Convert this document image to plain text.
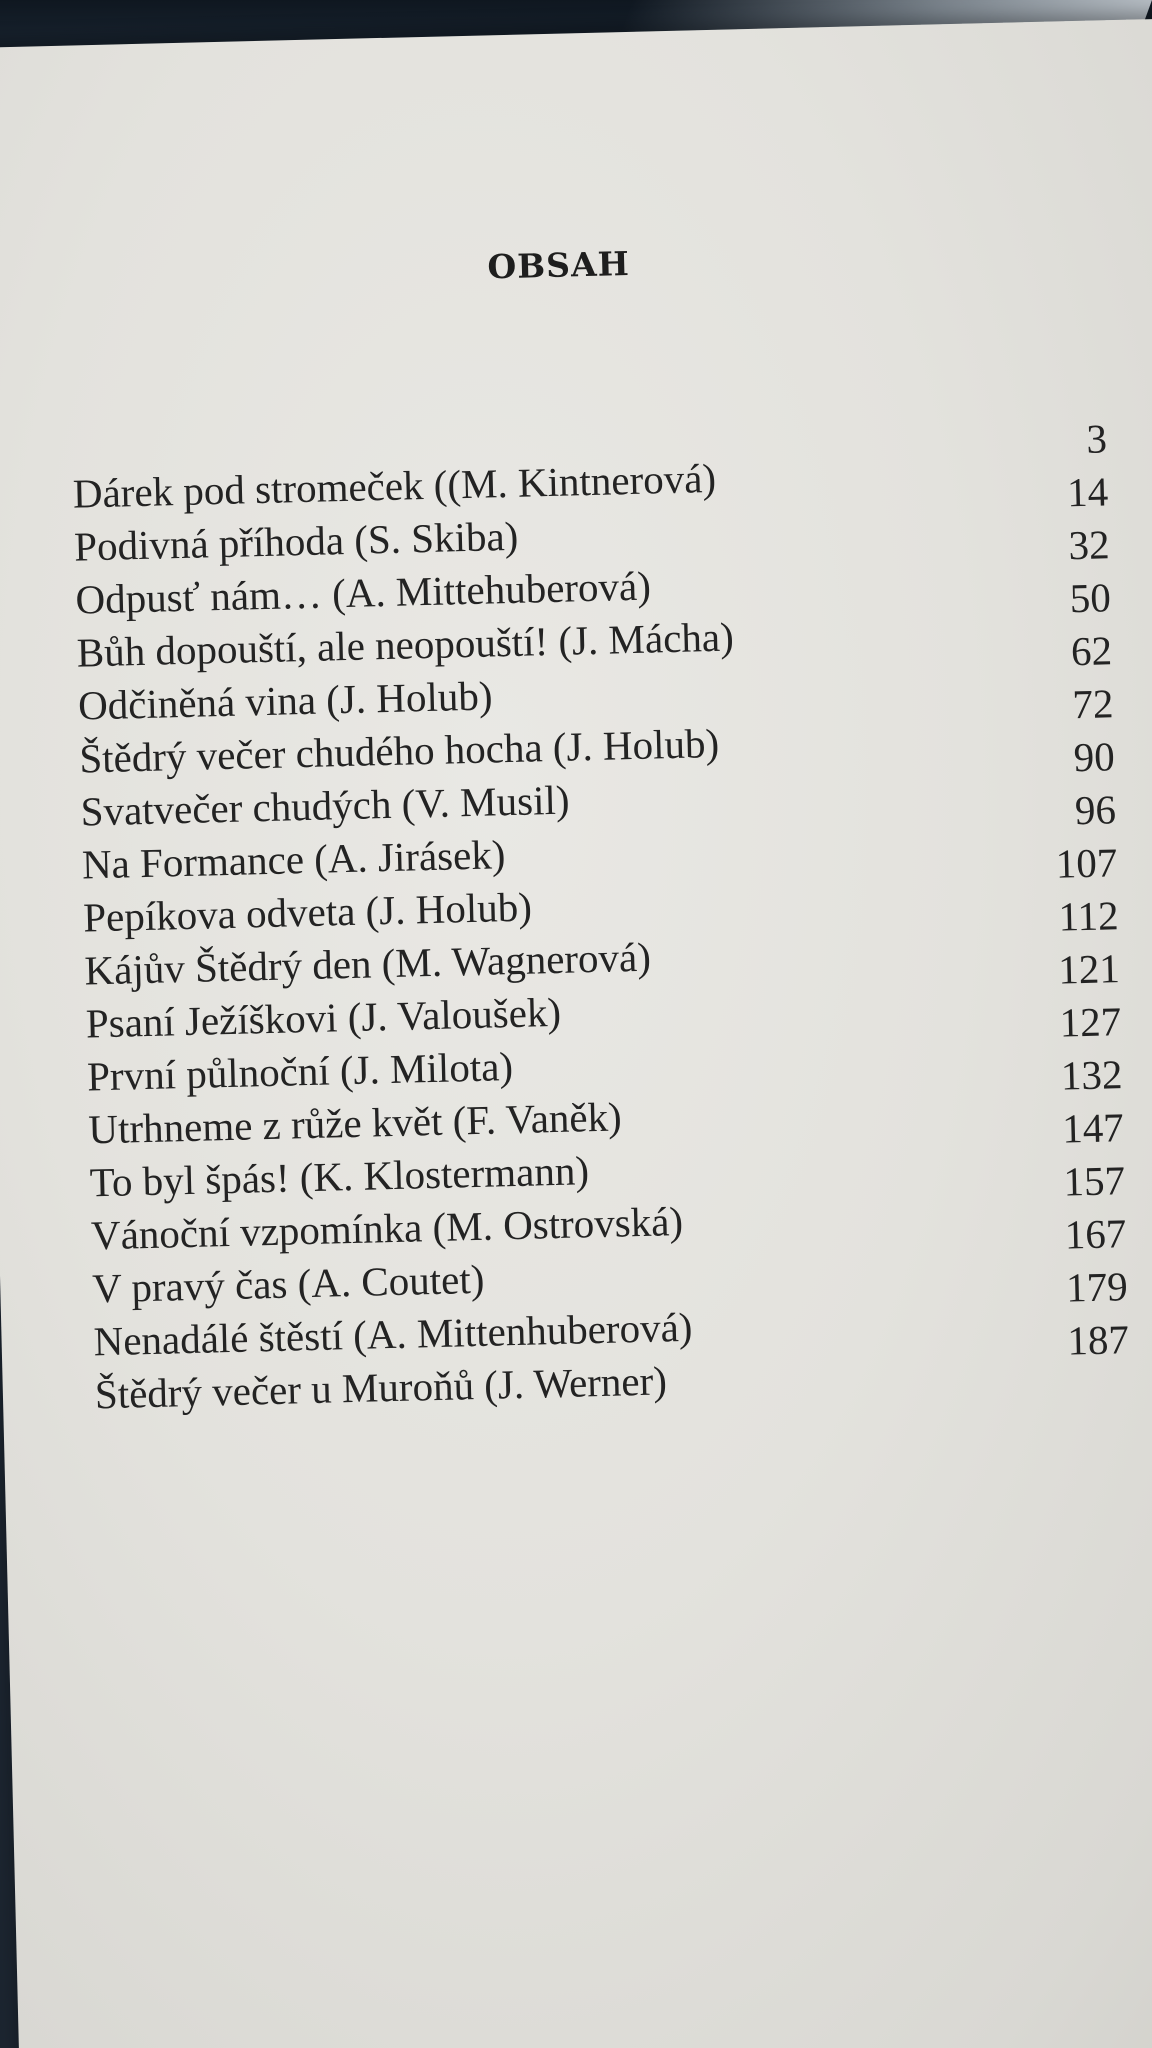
OBSAH
Dárek pod stromeček ((M. Kintnerová)
3
Podivná příhoda (S. Skiba)
14
Odpusť nám… (A. Mittehuberová)
32
Bůh dopouští, ale neopouští! (J. Mácha)
50
Odčiněná vina (J. Holub)
62
Štědrý večer chudého hocha (J. Holub)
72
Svatvečer chudých (V. Musil)
90
Na Formance (A. Jirásek)
96
Pepíkova odveta (J. Holub)
107
Kájův Štědrý den (M. Wagnerová)
112
Psaní Ježíškovi (J. Valoušek)
121
První půlnoční (J. Milota)
127
Utrhneme z růže květ (F. Vaněk)
132
To byl špás! (K. Klostermann)
147
Vánoční vzpomínka (M. Ostrovská)
157
V pravý čas (A. Coutet)
167
Nenadálé štěstí (A. Mittenhuberová)
179
Štědrý večer u Muroňů (J. Werner)
187
